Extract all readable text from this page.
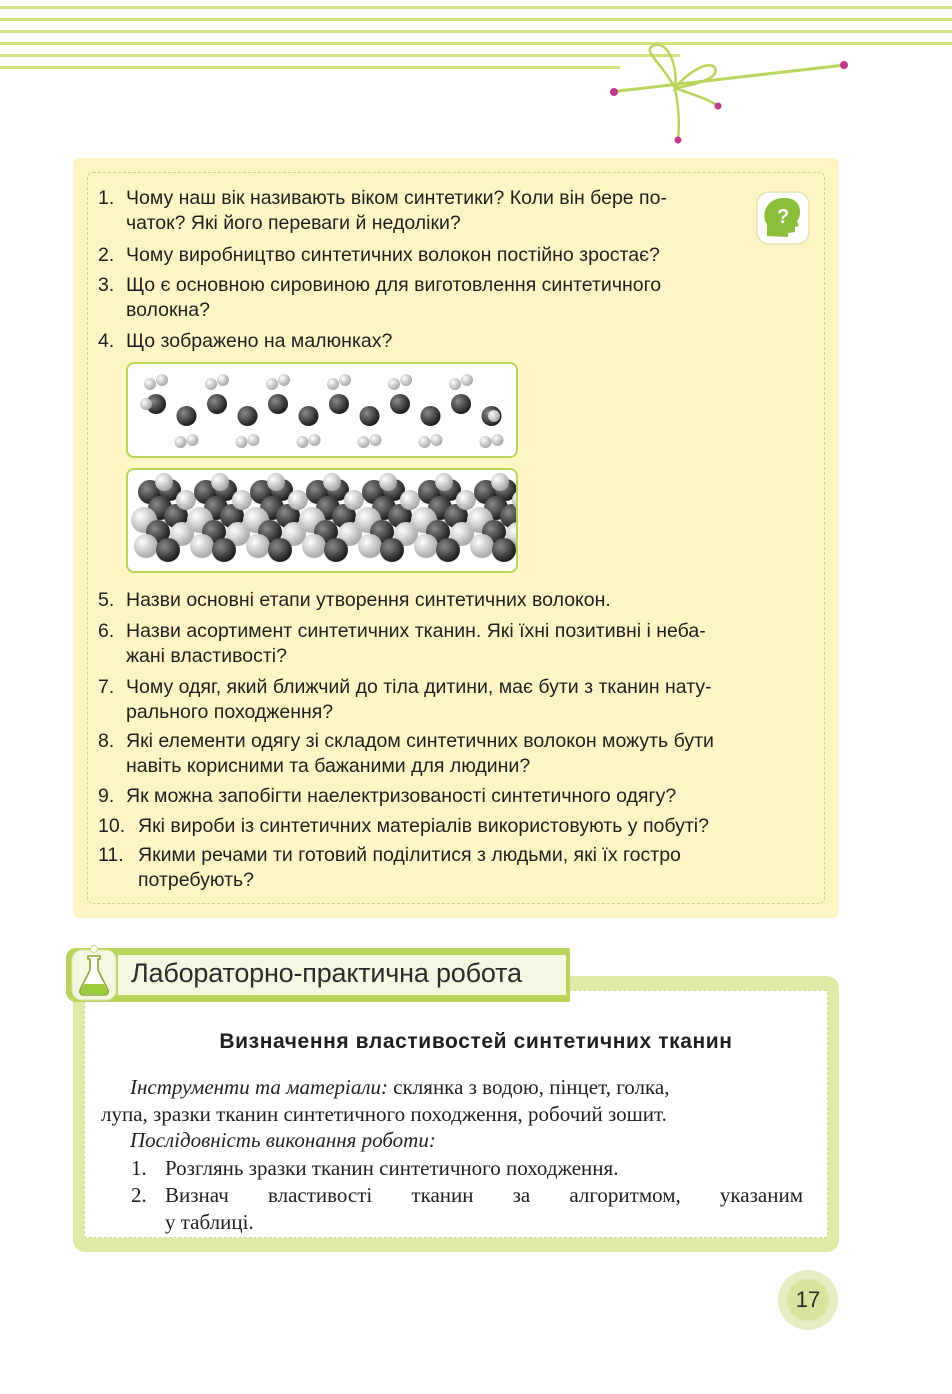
?
1. Чому наш вік називають віком синтетики? Коли він бере по-
чаток? Які його переваги й недоліки?
2. Чому виробництво синтетичних волокон постійно зростає?
3. Що є основною сировиною для виготовлення синтетичного
волокна?
4. Що зображено на малюнках?
5. Назви основні етапи утворення синтетичних волокон.
6. Назви асортимент синтетичних тканин. Які їхні позитивні і неба-
жані властивості?
7. Чому одяг, який ближчий до тіла дитини, має бути з тканин нату-
рального походження?
8. Які елементи одягу зі складом синтетичних волокон можуть бути
навіть корисними та бажаними для людини?
9. Як можна запобігти наелектризованості синтетичного одягу?
10. Які вироби із синтетичних матеріалів використовують у побуті?
11. Якими речами ти готовий поділитися з людьми, які їх гостро
потребують?
Лабораторно-практична робота
Визначення властивостей синтетичних тканин
Інструменти та матеріали: склянка з водою, пінцет, голка,
лупа, зразки тканин синтетичного походження, робочий зошит.
Послідовність виконання роботи:
1. Розглянь зразки тканин синтетичного походження.
2. Визнач властивості тканин за алгоритмом, указаним
у таблиці.
17
